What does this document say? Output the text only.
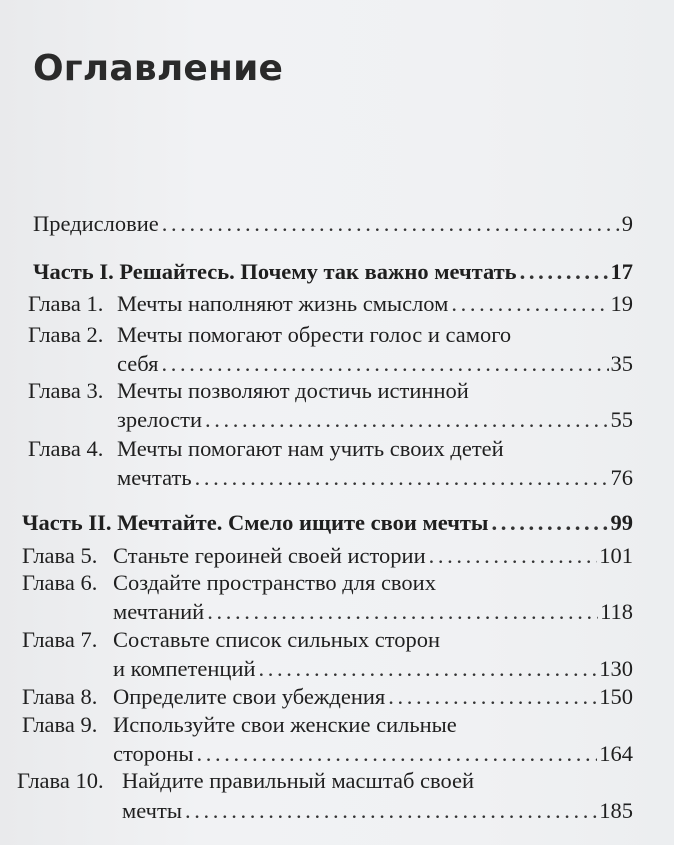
Оглавление
Предисловие . . .	9
Часть I. Решайтесь. Почему так важно мечтать . . .	17
Глава 1. Мечты наполняют жизнь смыслом . . .	19
Глава 2. Мечты помогают обрести голос и самого
себя . . .	35
Глава 3. Мечты позволяют достичь истинной
зрелости . . .	55
Глава 4. Мечты помогают нам учить своих детей
мечтать . . .	76
Часть II. Мечтайте. Смело ищите свои мечты . . .	99
Глава 5. Станьте героиней своей истории . . .	101
Глава 6. Создайте пространство для своих
мечтаний . . .	118
Глава 7. Составьте список сильных сторон
и компетенций . . .	130
Глава 8. Определите свои убеждения . . .	150
Глава 9. Используйте свои женские сильные
стороны . . .	164
Глава 10. Найдите правильный масштаб своей
мечты . . .	185
